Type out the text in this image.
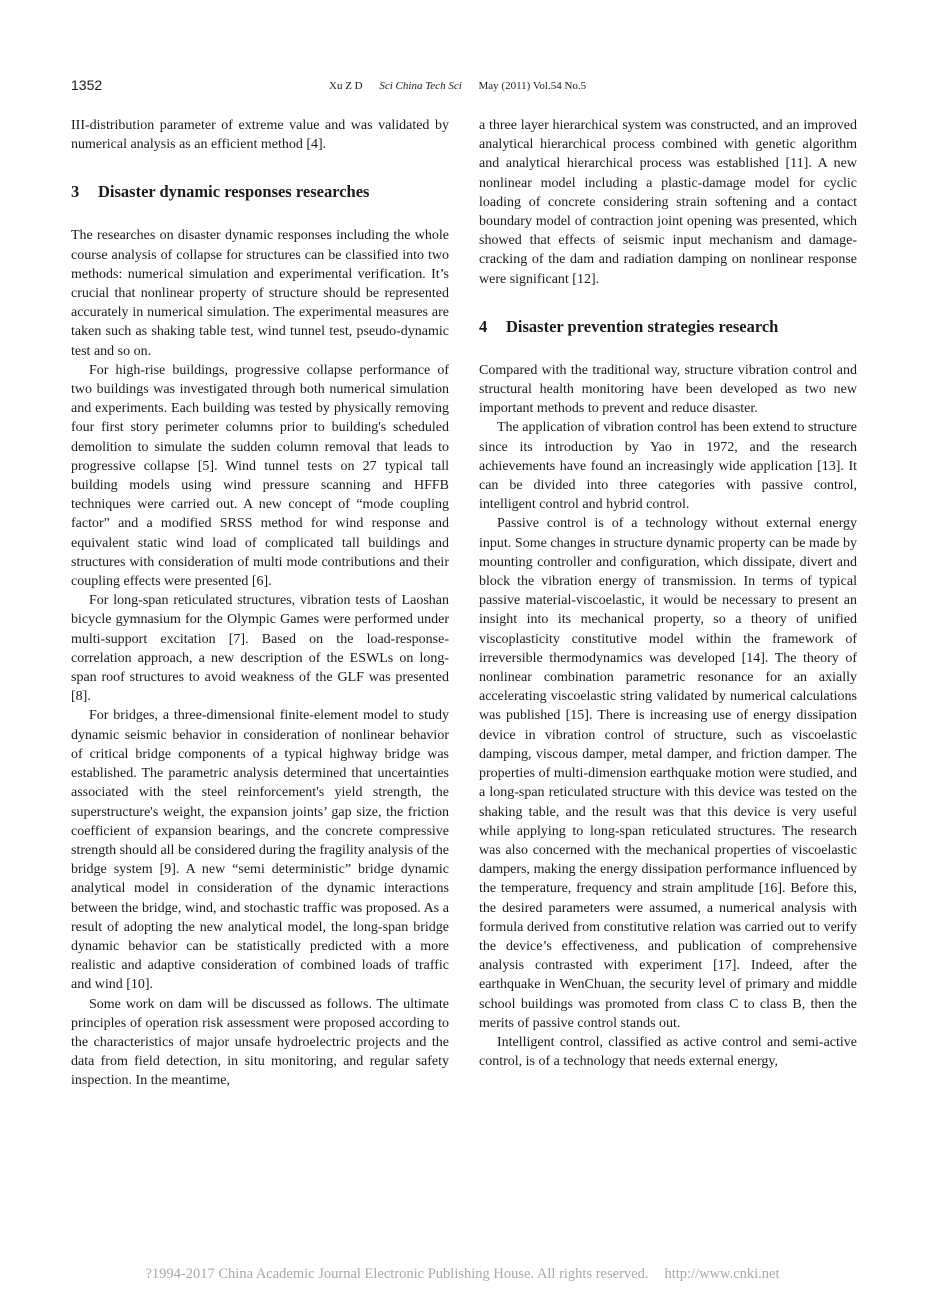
1352	Xu Z D Sci China Tech Sci May (2011) Vol.54 No.5

III-distribution parameter of extreme value and was validated by numerical analysis as an efficient method [4].

3 Disaster dynamic responses researches

The researches on disaster dynamic responses including the whole course analysis of collapse for structures can be classified into two methods: numerical simulation and experimental verification. It’s crucial that nonlinear property of structure should be represented accurately in numerical simulation. The experimental measures are taken such as shaking table test, wind tunnel test, pseudo-dynamic test and so on.

For high-rise buildings, progressive collapse performance of two buildings was investigated through both numerical simulation and experiments. Each building was tested by physically removing four first story perimeter columns prior to building's scheduled demolition to simulate the sudden column removal that leads to progressive collapse [5]. Wind tunnel tests on 27 typical tall building models using wind pressure scanning and HFFB techniques were carried out. A new concept of “mode coupling factor” and a modified SRSS method for wind response and equivalent static wind load of complicated tall buildings and structures with consideration of multi mode contributions and their coupling effects were presented [6].

For long-span reticulated structures, vibration tests of Laoshan bicycle gymnasium for the Olympic Games were performed under multi-support excitation [7]. Based on the load-response-correlation approach, a new description of the ESWLs on long-span roof structures to avoid weakness of the GLF was presented [8].

For bridges, a three-dimensional finite-element model to study dynamic seismic behavior in consideration of nonlinear behavior of critical bridge components of a typical highway bridge was established. The parametric analysis determined that uncertainties associated with the steel reinforcement's yield strength, the superstructure's weight, the expansion joints’ gap size, the friction coefficient of expansion bearings, and the concrete compressive strength should all be considered during the fragility analysis of the bridge system [9]. A new “semi deterministic” bridge dynamic analytical model in consideration of the dynamic interactions between the bridge, wind, and stochastic traffic was proposed. As a result of adopting the new analytical model, the long-span bridge dynamic behavior can be statistically predicted with a more realistic and adaptive consideration of combined loads of traffic and wind [10].

Some work on dam will be discussed as follows. The ultimate principles of operation risk assessment were proposed according to the characteristics of major unsafe hydroelectric projects and the data from field detection, in situ monitoring, and regular safety inspection. In the meantime,

a three layer hierarchical system was constructed, and an improved analytical hierarchical process combined with genetic algorithm and analytical hierarchical process was established [11]. A new nonlinear model including a plastic-damage model for cyclic loading of concrete considering strain softening and a contact boundary model of contraction joint opening was presented, which showed that effects of seismic input mechanism and damage-cracking of the dam and radiation damping on nonlinear response were significant [12].

4 Disaster prevention strategies research

Compared with the traditional way, structure vibration control and structural health monitoring have been developed as two new important methods to prevent and reduce disaster.

The application of vibration control has been extend to structure since its introduction by Yao in 1972, and the research achievements have found an increasingly wide application [13]. It can be divided into three categories with passive control, intelligent control and hybrid control.

Passive control is of a technology without external energy input. Some changes in structure dynamic property can be made by mounting controller and configuration, which dissipate, divert and block the vibration energy of transmission. In terms of typical passive material-viscoelastic, it would be necessary to present an insight into its mechanical property, so a theory of unified viscoplasticity constitutive model within the framework of irreversible thermodynamics was developed [14]. The theory of nonlinear combination parametric resonance for an axially accelerating viscoelastic string validated by numerical calculations was published [15]. There is increasing use of energy dissipation device in vibration control of structure, such as viscoelastic damping, viscous damper, metal damper, and friction damper. The properties of multi-dimension earthquake motion were studied, and a long-span reticulated structure with this device was tested on the shaking table, and the result was that this device is very useful while applying to long-span reticulated structures. The research was also concerned with the mechanical properties of viscoelastic dampers, making the energy dissipation performance influenced by the temperature, frequency and strain amplitude [16]. Before this, the desired parameters were assumed, a numerical analysis with formula derived from constitutive relation was carried out to verify the device’s effectiveness, and publication of comprehensive analysis contrasted with experiment [17]. Indeed, after the earthquake in WenChuan, the security level of primary and middle school buildings was promoted from class C to class B, then the merits of passive control stands out.

Intelligent control, classified as active control and semi-active control, is of a technology that needs external energy,

?1994-2017 China Academic Journal Electronic Publishing House. All rights reserved. http://www.cnki.net
